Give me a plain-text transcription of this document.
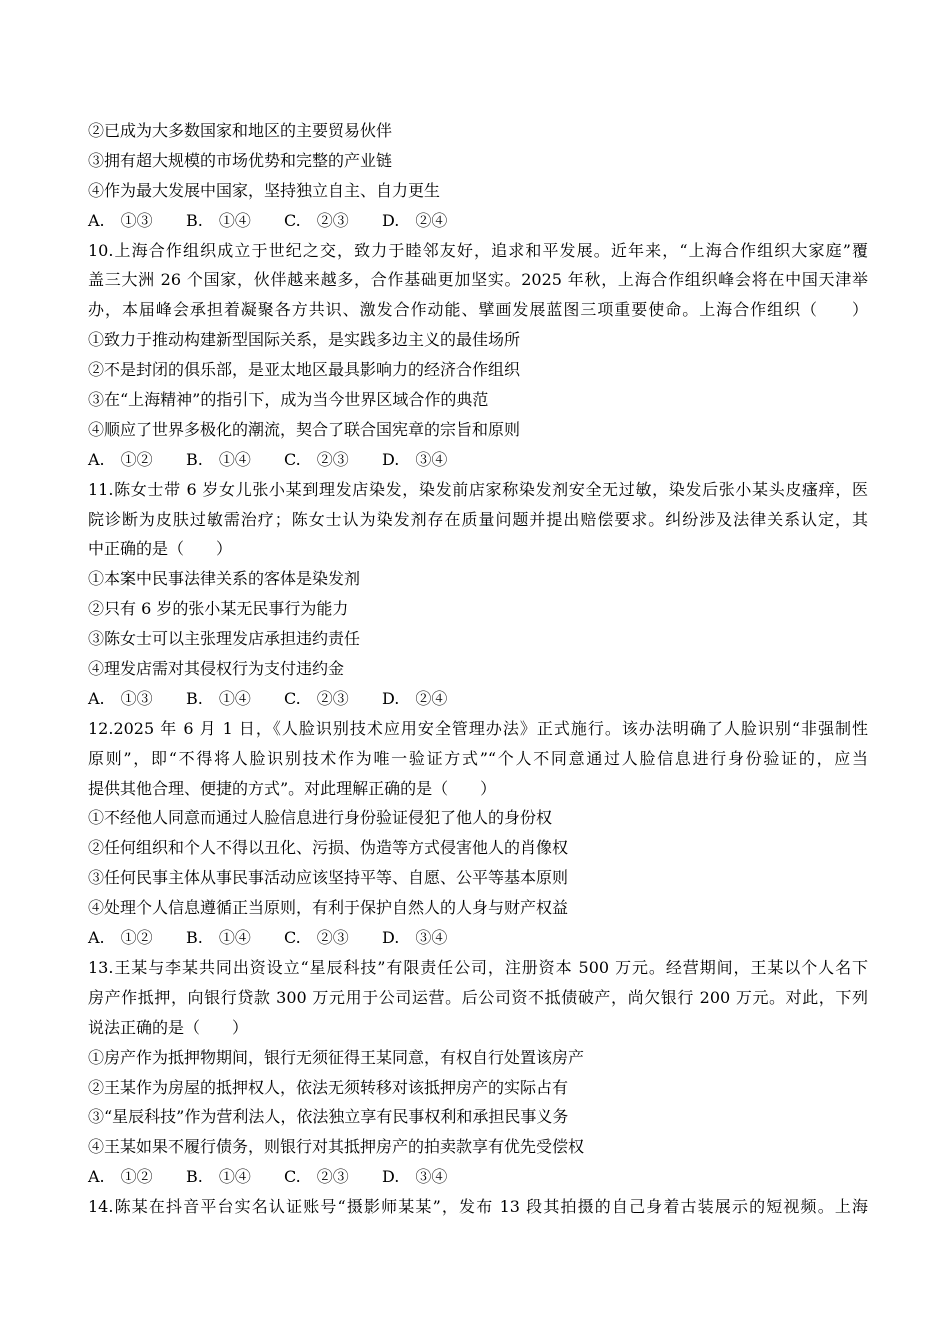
②已成为大多数国家和地区的主要贸易伙伴
③拥有超大规模的市场优势和完整的产业链
④作为最大发展中国家，坚持独立自主、自力更生
A.　①③	B.　①④	C.　②③	D.　②④
10.上海合作组织成立于世纪之交，致力于睦邻友好，追求和平发展。近年来，“上海合作组织大家庭”覆
盖三大洲 26 个国家，伙伴越来越多，合作基础更加坚实。2025 年秋，上海合作组织峰会将在中国天津举
办，本届峰会承担着凝聚各方共识、激发合作动能、擘画发展蓝图三项重要使命。上海合作组织（　　）
①致力于推动构建新型国际关系，是实践多边主义的最佳场所
②不是封闭的俱乐部，是亚太地区最具影响力的经济合作组织
③在“上海精神”的指引下，成为当今世界区域合作的典范
④顺应了世界多极化的潮流，契合了联合国宪章的宗旨和原则
A.　①②	B.　①④	C.　②③	D.　③④
11.陈女士带 6 岁女儿张小某到理发店染发，染发前店家称染发剂安全无过敏，染发后张小某头皮瘙痒，医
院诊断为皮肤过敏需治疗；陈女士认为染发剂存在质量问题并提出赔偿要求。纠纷涉及法律关系认定，其
中正确的是（　　）
①本案中民事法律关系的客体是染发剂
②只有 6 岁的张小某无民事行为能力
③陈女士可以主张理发店承担违约责任
④理发店需对其侵权行为支付违约金
A.　①③	B.　①④	C.　②③	D.　②④
12.2025 年 6 月 1 日，《人脸识别技术应用安全管理办法》正式施行。该办法明确了人脸识别“非强制性
原则”，即“不得将人脸识别技术作为唯一验证方式”“个人不同意通过人脸信息进行身份验证的，应当
提供其他合理、便捷的方式”。对此理解正确的是（　　）
①不经他人同意而通过人脸信息进行身份验证侵犯了他人的身份权
②任何组织和个人不得以丑化、污损、伪造等方式侵害他人的肖像权
③任何民事主体从事民事活动应该坚持平等、自愿、公平等基本原则
④处理个人信息遵循正当原则，有利于保护自然人的人身与财产权益
A.　①②	B.　①④	C.　②③	D.　③④
13.王某与李某共同出资设立“星辰科技”有限责任公司，注册资本 500 万元。经营期间，王某以个人名下
房产作抵押，向银行贷款 300 万元用于公司运营。后公司资不抵债破产，尚欠银行 200 万元。对此，下列
说法正确的是（　　）
①房产作为抵押物期间，银行无须征得王某同意，有权自行处置该房产
②王某作为房屋的抵押权人，依法无须转移对该抵押房产的实际占有
③“星辰科技”作为营利法人，依法独立享有民事权利和承担民事义务
④王某如果不履行债务，则银行对其抵押房产的拍卖款享有优先受偿权
A.　①②	B.　①④	C.　②③	D.　③④
14.陈某在抖音平台实名认证账号“摄影师某某”，发布 13 段其拍摄的自己身着古装展示的短视频。上海
